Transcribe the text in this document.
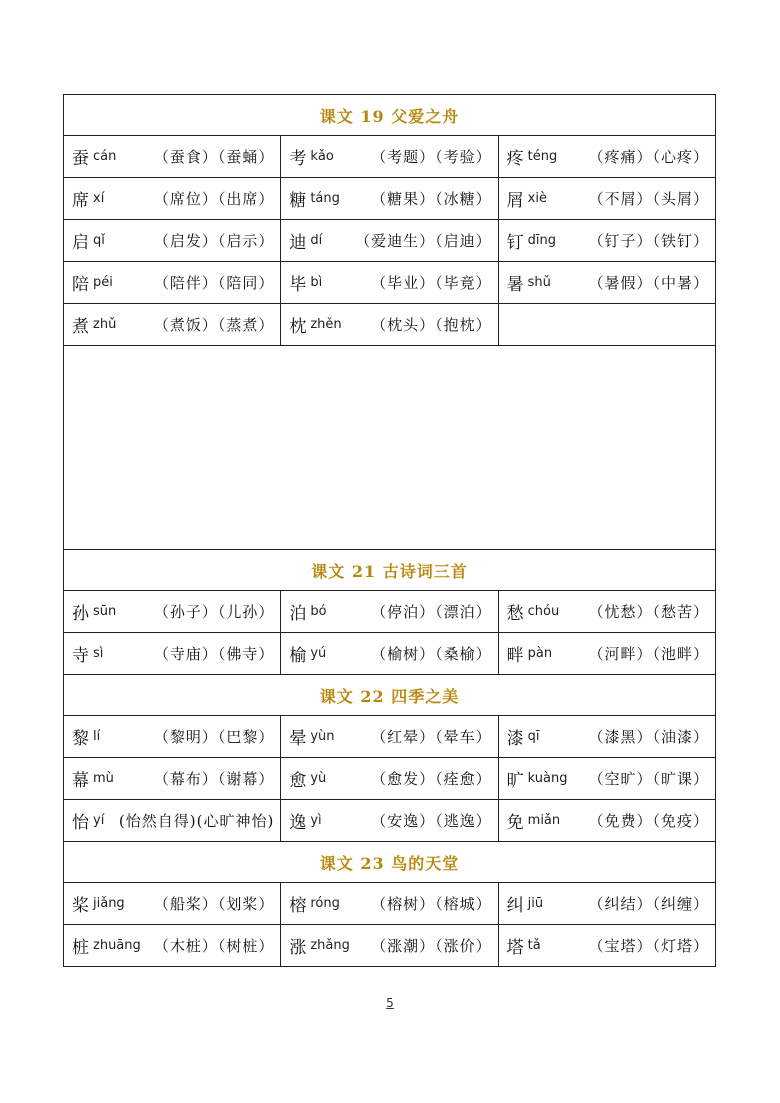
课文 19 父爱之舟
蚕 cán （蚕食）（蚕蛹） 考 kǎo （考题）（考验） 疼 téng （疼痛）（心疼）
席 xí	（席位）（出席） 糖 táng （糖果）（冰糖） 屑 xiè	（不屑）（头屑）
启 qǐ	（启发）（启示） 迪 dí （爱迪生）（启迪） 钉 dīng （钉子）（铁钉）
陪 péi	（陪伴）（陪同） 毕 bì	（毕业）（毕竟） 暑 shǔ	（暑假）（中暑）
煮 zhǔ	（煮饭）（蒸煮） 枕 zhěn （枕头）（抱枕）
课文 21 古诗词三首
孙 sūn	（孙子）（儿孙） 泊 bó	（停泊）（漂泊） 愁 chóu （忧愁）（愁苦）
寺 sì	（寺庙）（佛寺） 榆 yú	（榆树）（桑榆） 畔 pàn （河畔）（池畔）
课文 22 四季之美
黎 lí	（黎明）（巴黎） 晕 yùn （红晕）（晕车） 漆 qī	（漆黑）（油漆）
幕 mù	（幕布）（谢幕） 愈 yù	（愈发）（痊愈） 旷 kuàng （空旷）（旷课）
怡 yí (怡然自得)(心旷神怡) 逸 yì	（安逸）（逃逸） 免 miǎn （免费）（免疫）
课文 23 鸟的天堂
桨 jiǎng （船桨）（划桨） 榕 róng （榕树）（榕城） 纠 jiū	（纠结）（纠缠）
桩 zhuāng （木桩）（树桩） 涨 zhǎng （涨潮）（涨价） 塔 tǎ	（宝塔）（灯塔）
5
